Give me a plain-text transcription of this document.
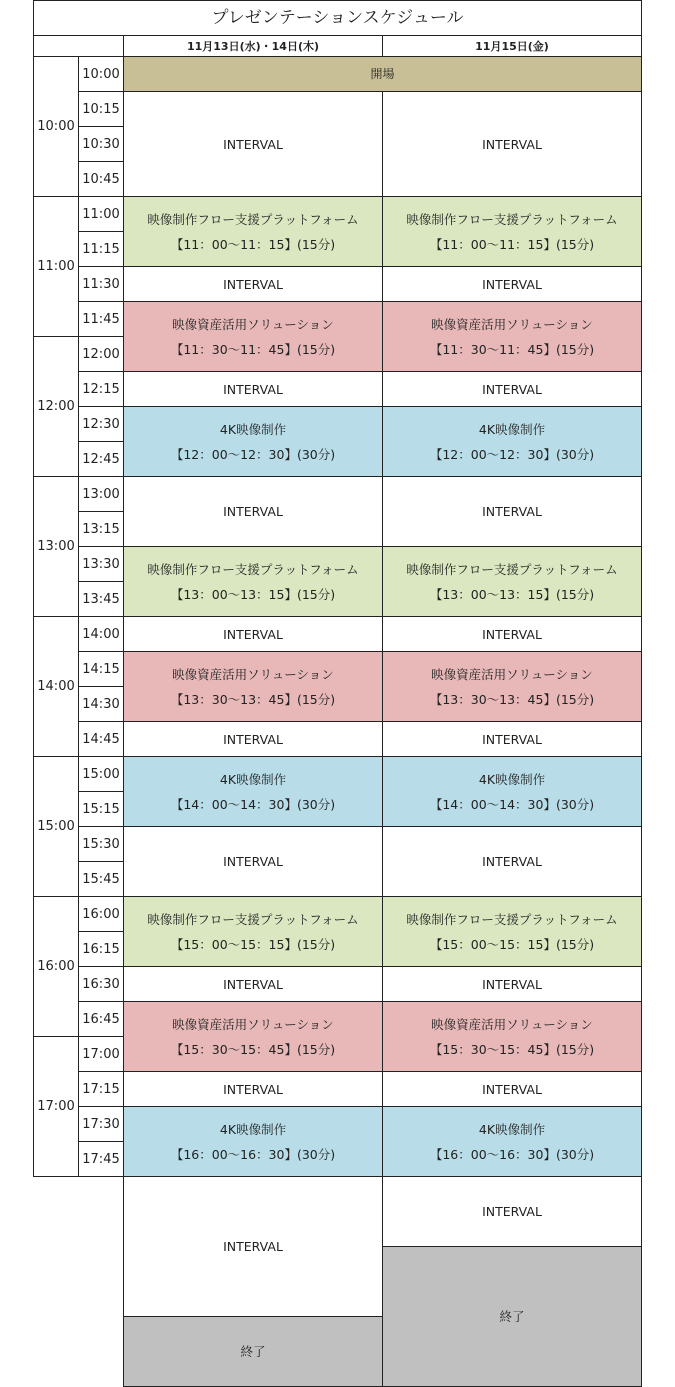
プレゼンテーションスケジュール
11月13日(水)・14日(木)	11月15日(金)
開場
10:00
11:00
12:00
13:00
14:00
15:00
16:00
17:00
10:00
10:15
10:30
10:45
11:00
11:15
11:30
11:45
12:00
12:15
12:30
12:45
13:00
13:15
13:30
13:45
14:00
14:15
14:30
14:45
15:00
15:15
15:30
15:45
16:00
16:15
16:30
16:45
17:00
17:15
17:30
17:45
INTERVAL
映像制作フロー支援プラットフォーム
【11：00〜11：15】(15分)
INTERVAL
映像資産活用ソリューション
【11：30〜11：45】(15分)
INTERVAL
4K映像制作
【12：00〜12：30】(30分)
INTERVAL
映像制作フロー支援プラットフォーム
【13：00〜13：15】(15分)
INTERVAL
映像資産活用ソリューション
【13：30〜13：45】(15分)
INTERVAL
4K映像制作
【14：00〜14：30】(30分)
INTERVAL
映像制作フロー支援プラットフォーム
【15：00〜15：15】(15分)
INTERVAL
映像資産活用ソリューション
【15：30〜15：45】(15分)
INTERVAL
4K映像制作
【16：00〜16：30】(30分)
INTERVAL
終了
INTERVAL
映像制作フロー支援プラットフォーム
【11：00〜11：15】(15分)
INTERVAL
映像資産活用ソリューション
【11：30〜11：45】(15分)
INTERVAL
4K映像制作
【12：00〜12：30】(30分)
INTERVAL
映像制作フロー支援プラットフォーム
【13：00〜13：15】(15分)
INTERVAL
映像資産活用ソリューション
【13：30〜13：45】(15分)
INTERVAL
4K映像制作
【14：00〜14：30】(30分)
INTERVAL
映像制作フロー支援プラットフォーム
【15：00〜15：15】(15分)
INTERVAL
映像資産活用ソリューション
【15：30〜15：45】(15分)
INTERVAL
4K映像制作
【16：00〜16：30】(30分)
INTERVAL
終了
